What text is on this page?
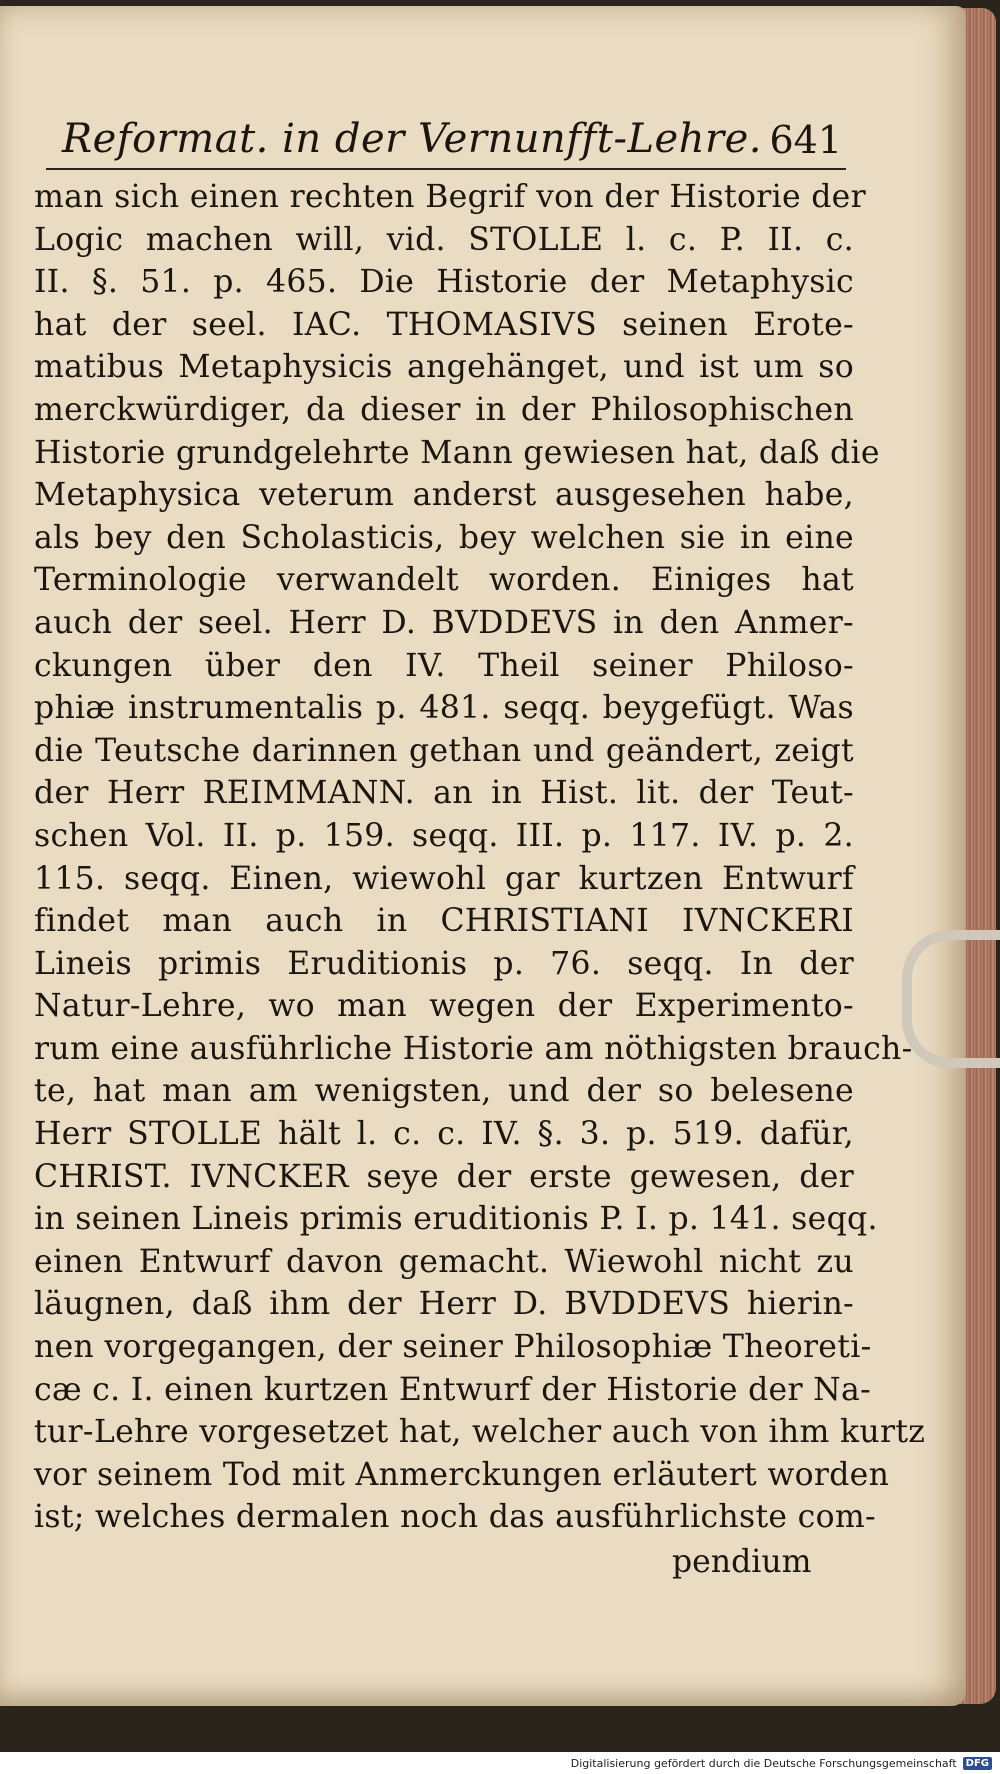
Reformat. in der Vernunfft-Lehre. 641
man sich einen rechten Begrif von der Historie der
Logic machen will, vid. STOLLE l. c. P. II. c.
II. §. 51. p. 465. Die Historie der Metaphysic
hat der seel. IAC. THOMASIVS seinen Erote-
matibus Metaphysicis angehänget, und ist um so
merckwürdiger, da dieser in der Philosophischen
Historie grundgelehrte Mann gewiesen hat, daß die
Metaphysica veterum anderst ausgesehen habe,
als bey den Scholasticis, bey welchen sie in eine
Terminologie verwandelt worden. Einiges hat
auch der seel. Herr D. BVDDEVS in den Anmer-
ckungen über den IV. Theil seiner Philoso-
phiæ instrumentalis p. 481. seqq. beygefügt. Was
die Teutsche darinnen gethan und geändert, zeigt
der Herr REIMMANN. an in Hist. lit. der Teut-
schen Vol. II. p. 159. seqq. III. p. 117. IV. p. 2.
115. seqq. Einen, wiewohl gar kurtzen Entwurf
findet man auch in CHRISTIANI IVNCKERI
Lineis primis Eruditionis p. 76. seqq. In der
Natur-Lehre, wo man wegen der Experimento-
rum eine ausführliche Historie am nöthigsten brauch-
te, hat man am wenigsten, und der so belesene
Herr STOLLE hält l. c. c. IV. §. 3. p. 519. dafür,
CHRIST. IVNCKER seye der erste gewesen, der
in seinen Lineis primis eruditionis P. I. p. 141. seqq.
einen Entwurf davon gemacht. Wiewohl nicht zu
läugnen, daß ihm der Herr D. BVDDEVS hierin-
nen vorgegangen, der seiner Philosophiæ Theoreti-
cæ c. I. einen kurtzen Entwurf der Historie der Na-
tur-Lehre vorgesetzet hat, welcher auch von ihm kurtz
vor seinem Tod mit Anmerckungen erläutert worden
ist; welches dermalen noch das ausführlichste com-
pendium
Digitalisierung gefördert durch die Deutsche Forschungsgemeinschaft DFG
